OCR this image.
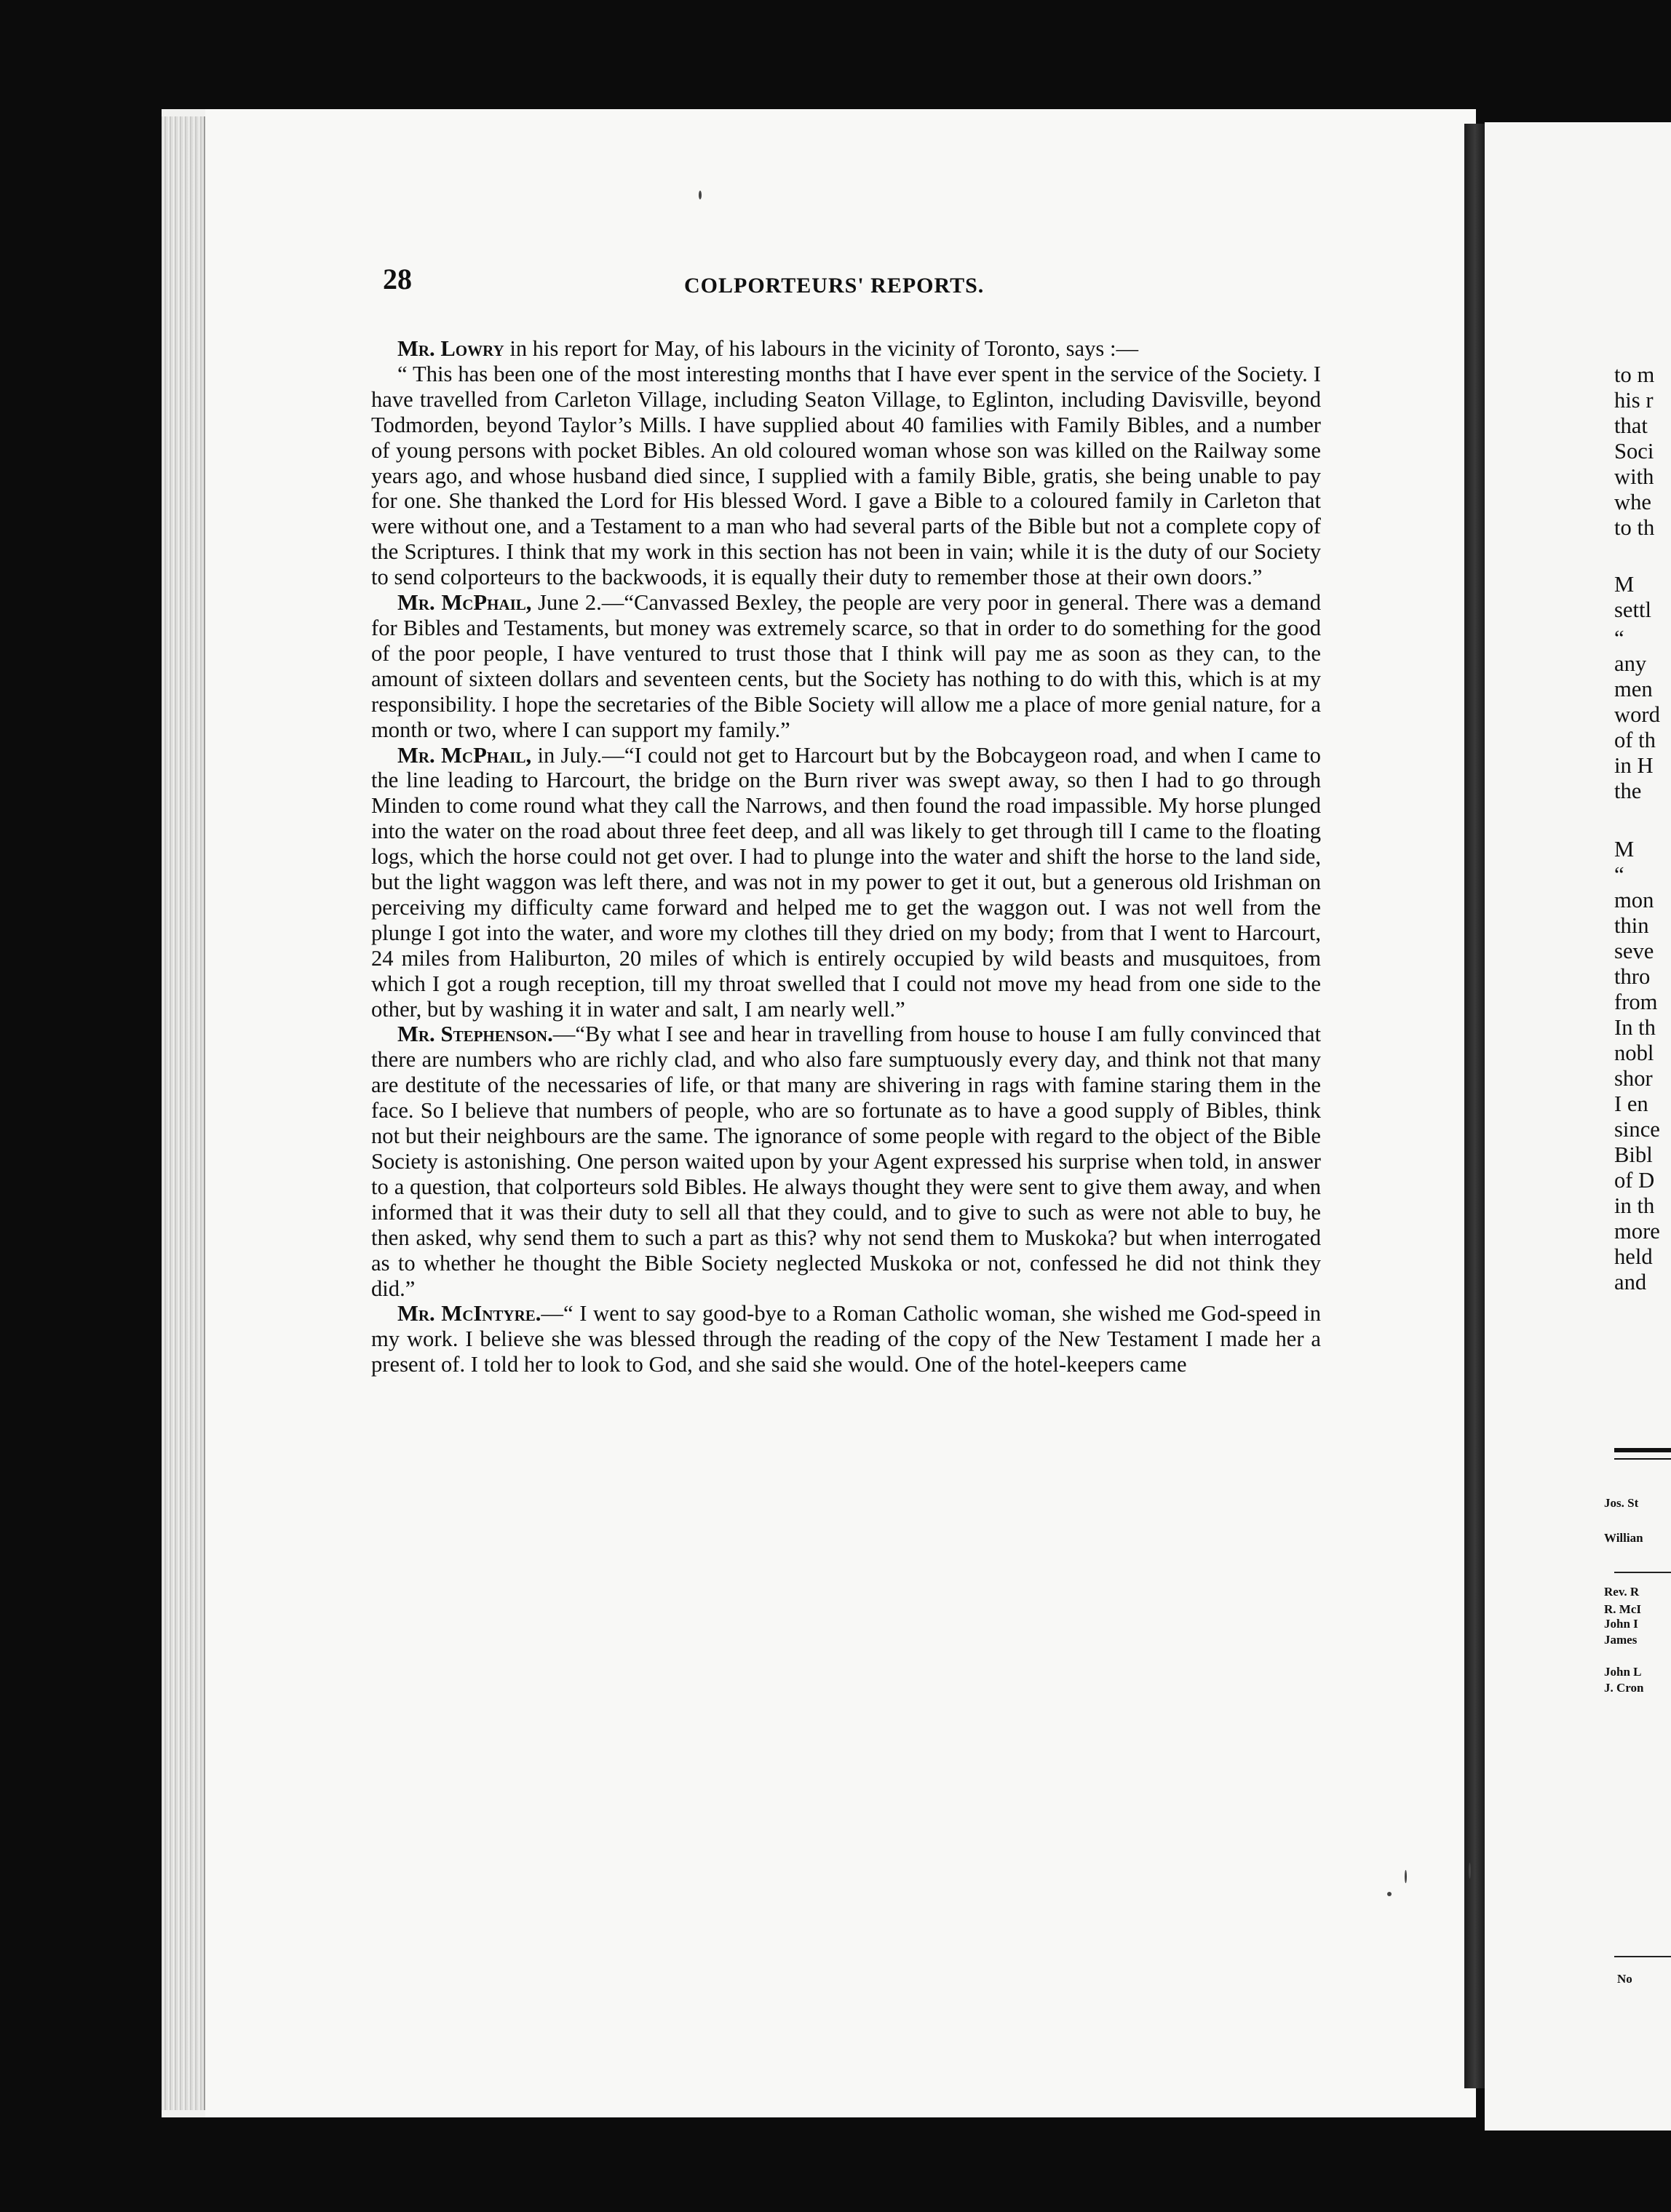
to m
his r
that
Soci
with
whe
to th
M
settl
“
any
men
word
of th
in H
the
M
“
mon
thin
seve
thro
from
In th
nobl
shor
I en
since
Bibl
of D
in th
more
held
and
Jos. St
Willian
Rev. R
R. McI
John I
James
John L
J. Cron
No
28	COLPORTEURS' REPORTS.

Mr. Lowry in his report for May, of his labours in the vicinity of Toronto, says :—

“ This has been one of the most interesting months that I have ever spent in the service of the Society. I have travelled from Carleton Village, including Seaton Village, to Eglinton, including Davisville, beyond Todmorden, beyond Taylor’s Mills. I have supplied about 40 families with Family Bibles, and a number of young persons with pocket Bibles. An old coloured woman whose son was killed on the Railway some years ago, and whose husband died since, I supplied with a family Bible, gratis, she being unable to pay for one. She thanked the Lord for His blessed Word. I gave a Bible to a coloured family in Carleton that were without one, and a Testament to a man who had several parts of the Bible but not a complete copy of the Scriptures. I think that my work in this section has not been in vain; while it is the duty of our Society to send colporteurs to the backwoods, it is equally their duty to remember those at their own doors.”

Mr. McPhail, June 2.—“Canvassed Bexley, the people are very poor in general. There was a demand for Bibles and Testaments, but money was extremely scarce, so that in order to do something for the good of the poor people, I have ventured to trust those that I think will pay me as soon as they can, to the amount of sixteen dollars and seventeen cents, but the Society has nothing to do with this, which is at my responsibility. I hope the secretaries of the Bible Society will allow me a place of more genial nature, for a month or two, where I can support my family.”

Mr. McPhail, in July.—“I could not get to Harcourt but by the Bobcaygeon road, and when I came to the line leading to Harcourt, the bridge on the Burn river was swept away, so then I had to go through Minden to come round what they call the Narrows, and then found the road impassible. My horse plunged into the water on the road about three feet deep, and all was likely to get through till I came to the floating logs, which the horse could not get over. I had to plunge into the water and shift the horse to the land side, but the light waggon was left there, and was not in my power to get it out, but a generous old Irishman on perceiving my difficulty came forward and helped me to get the waggon out. I was not well from the plunge I got into the water, and wore my clothes till they dried on my body; from that I went to Harcourt, 24 miles from Haliburton, 20 miles of which is entirely occupied by wild beasts and musquitoes, from which I got a rough reception, till my throat swelled that I could not move my head from one side to the other, but by washing it in water and salt, I am nearly well.”

Mr. Stephenson.—“By what I see and hear in travelling from house to house I am fully convinced that there are numbers who are richly clad, and who also fare sumptuously every day, and think not that many are destitute of the necessaries of life, or that many are shivering in rags with famine staring them in the face. So I believe that numbers of people, who are so fortunate as to have a good supply of Bibles, think not but their neighbours are the same. The ignorance of some people with regard to the object of the Bible Society is astonishing. One person waited upon by your Agent expressed his surprise when told, in answer to a question, that colporteurs sold Bibles. He always thought they were sent to give them away, and when informed that it was their duty to sell all that they could, and to give to such as were not able to buy, he then asked, why send them to such a part as this? why not send them to Muskoka? but when interrogated as to whether he thought the Bible Society neglected Muskoka or not, confessed he did not think they did.”

Mr. McIntyre.—“ I went to say good-bye to a Roman Catholic woman, she wished me God-speed in my work. I believe she was blessed through the reading of the copy of the New Testament I made her a present of. I told her to look to God, and she said she would. One of the hotel-keepers came
